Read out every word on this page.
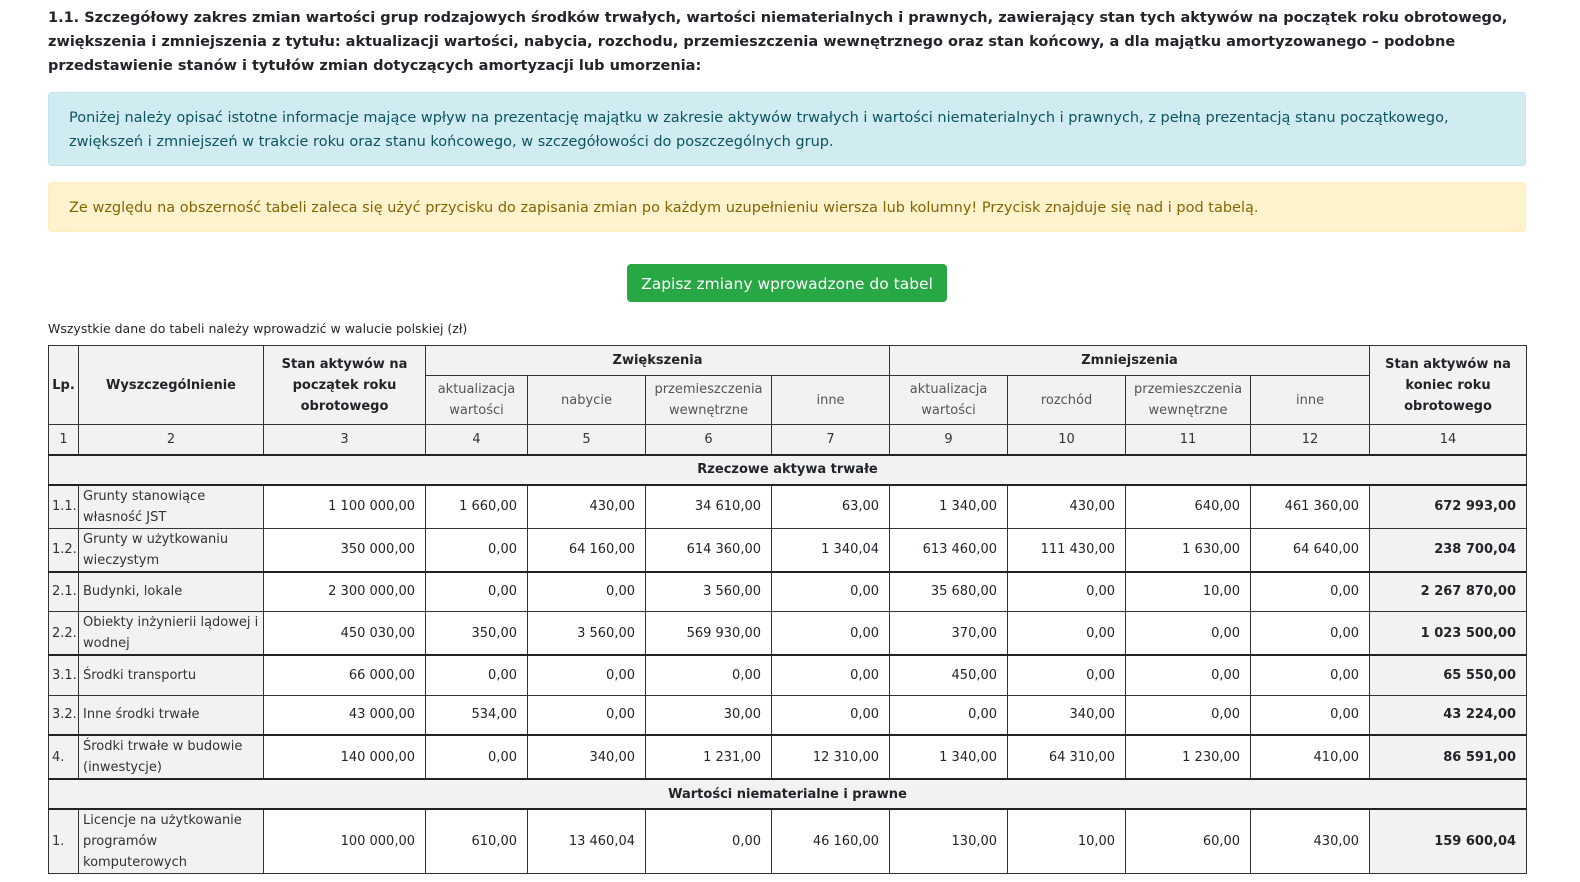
1.1. Szczegółowy zakres zmian wartości grup rodzajowych środków trwałych, wartości niematerialnych i prawnych, zawierający stan tych aktywów na początek roku obrotowego, zwiększenia i zmniejszenia z tytułu: aktualizacji wartości, nabycia, rozchodu, przemieszczenia wewnętrznego oraz stan końcowy, a dla majątku amortyzowanego – podobne przedstawienie stanów i tytułów zmian dotyczących amortyzacji lub umorzenia:
Poniżej należy opisać istotne informacje mające wpływ na prezentację majątku w zakresie aktywów trwałych i wartości niematerialnych i prawnych, z pełną prezentacją stanu początkowego, zwiększeń i zmniejszeń w trakcie roku oraz stanu końcowego, w szczegółowości do poszczególnych grup.
Ze względu na obszerność tabeli zaleca się użyć przycisku do zapisania zmian po każdym uzupełnieniu wiersza lub kolumny! Przycisk znajduje się nad i pod tabelą.
Zapisz zmiany wprowadzone do tabel
Wszystkie dane do tabeli należy wprowadzić w walucie polskiej (zł)
Lp.	Wyszczególnienie	Stan aktywów na początek roku obrotowego	Zwiększenia				Zmniejszenia				Stan aktywów na koniec roku obrotowego
			aktualizacja wartości	nabycie	przemieszczenia wewnętrzne	inne	aktualizacja wartości	rozchód	przemieszczenia wewnętrzne	inne	
1	2	3	4	5	6	7	9	10	11	12	14
Rzeczowe aktywa trwałe											
1.1.	Grunty stanowiące własność JST	1 100 000,00	1 660,00	430,00	34 610,00	63,00	1 340,00	430,00	640,00	461 360,00	672 993,00
1.2.	Grunty w użytkowaniu wieczystym	350 000,00	0,00	64 160,00	614 360,00	1 340,04	613 460,00	111 430,00	1 630,00	64 640,00	238 700,04
2.1.	Budynki, lokale	2 300 000,00	0,00	0,00	3 560,00	0,00	35 680,00	0,00	10,00	0,00	2 267 870,00
2.2.	Obiekty inżynierii lądowej i wodnej	450 030,00	350,00	3 560,00	569 930,00	0,00	370,00	0,00	0,00	0,00	1 023 500,00
3.1.	Środki transportu	66 000,00	0,00	0,00	0,00	0,00	450,00	0,00	0,00	0,00	65 550,00
3.2.	Inne środki trwałe	43 000,00	534,00	0,00	30,00	0,00	0,00	340,00	0,00	0,00	43 224,00
4.	Środki trwałe w budowie (inwestycje)	140 000,00	0,00	340,00	1 231,00	12 310,00	1 340,00	64 310,00	1 230,00	410,00	86 591,00
Wartości niematerialne i prawne											
1.	Licencje na użytkowanie programów komputerowych	100 000,00	610,00	13 460,04	0,00	46 160,00	130,00	10,00	60,00	430,00	159 600,04
